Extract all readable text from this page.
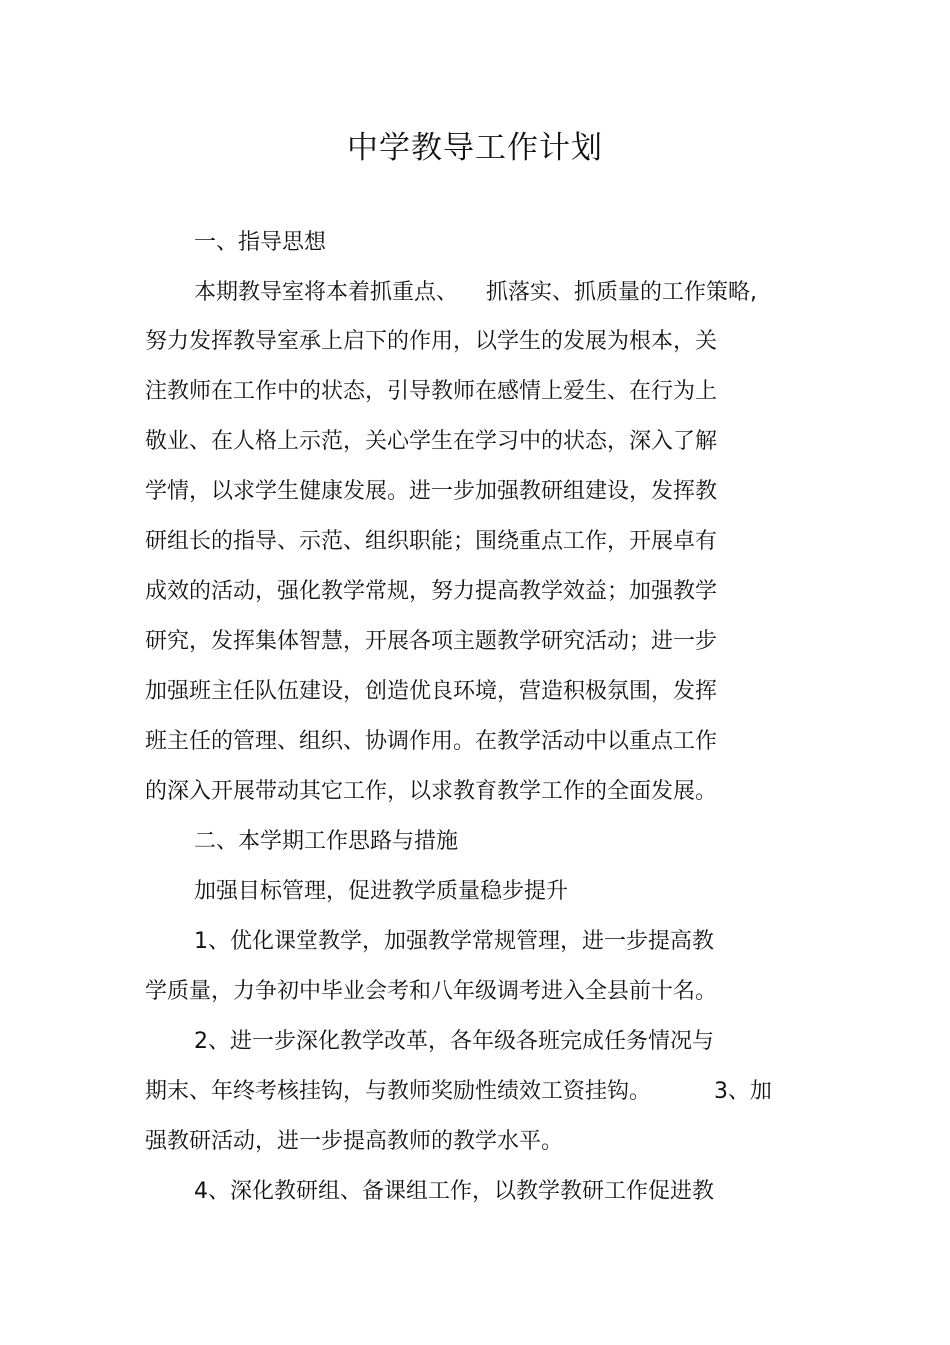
中学教导工作计划
一、指导思想
本期教导室将本着抓重点、    抓落实、抓质量的工作策略,
努力发挥教导室承上启下的作用，以学生的发展为根本，关
注教师在工作中的状态，引导教师在感情上爱生、在行为上
敬业、在人格上示范，关心学生在学习中的状态，深入了解
学情，以求学生健康发展。进一步加强教研组建设，发挥教
研组长的指导、示范、组织职能；围绕重点工作，开展卓有
成效的活动，强化教学常规，努力提高教学效益；加强教学
研究，发挥集体智慧，开展各项主题教学研究活动；进一步
加强班主任队伍建设，创造优良环境，营造积极氛围，发挥
班主任的管理、组织、协调作用。在教学活动中以重点工作
的深入开展带动其它工作，以求教育教学工作的全面发展。
二、本学期工作思路与措施
加强目标管理，促进教学质量稳步提升
1、优化课堂教学，加强教学常规管理，进一步提高教
学质量，力争初中毕业会考和八年级调考进入全县前十名。
2、进一步深化教学改革，各年级各班完成任务情况与
期末、年终考核挂钩，与教师奖励性绩效工资挂钩。         3、加
强教研活动，进一步提高教师的教学水平。
4、深化教研组、备课组工作，以教学教研工作促进教
